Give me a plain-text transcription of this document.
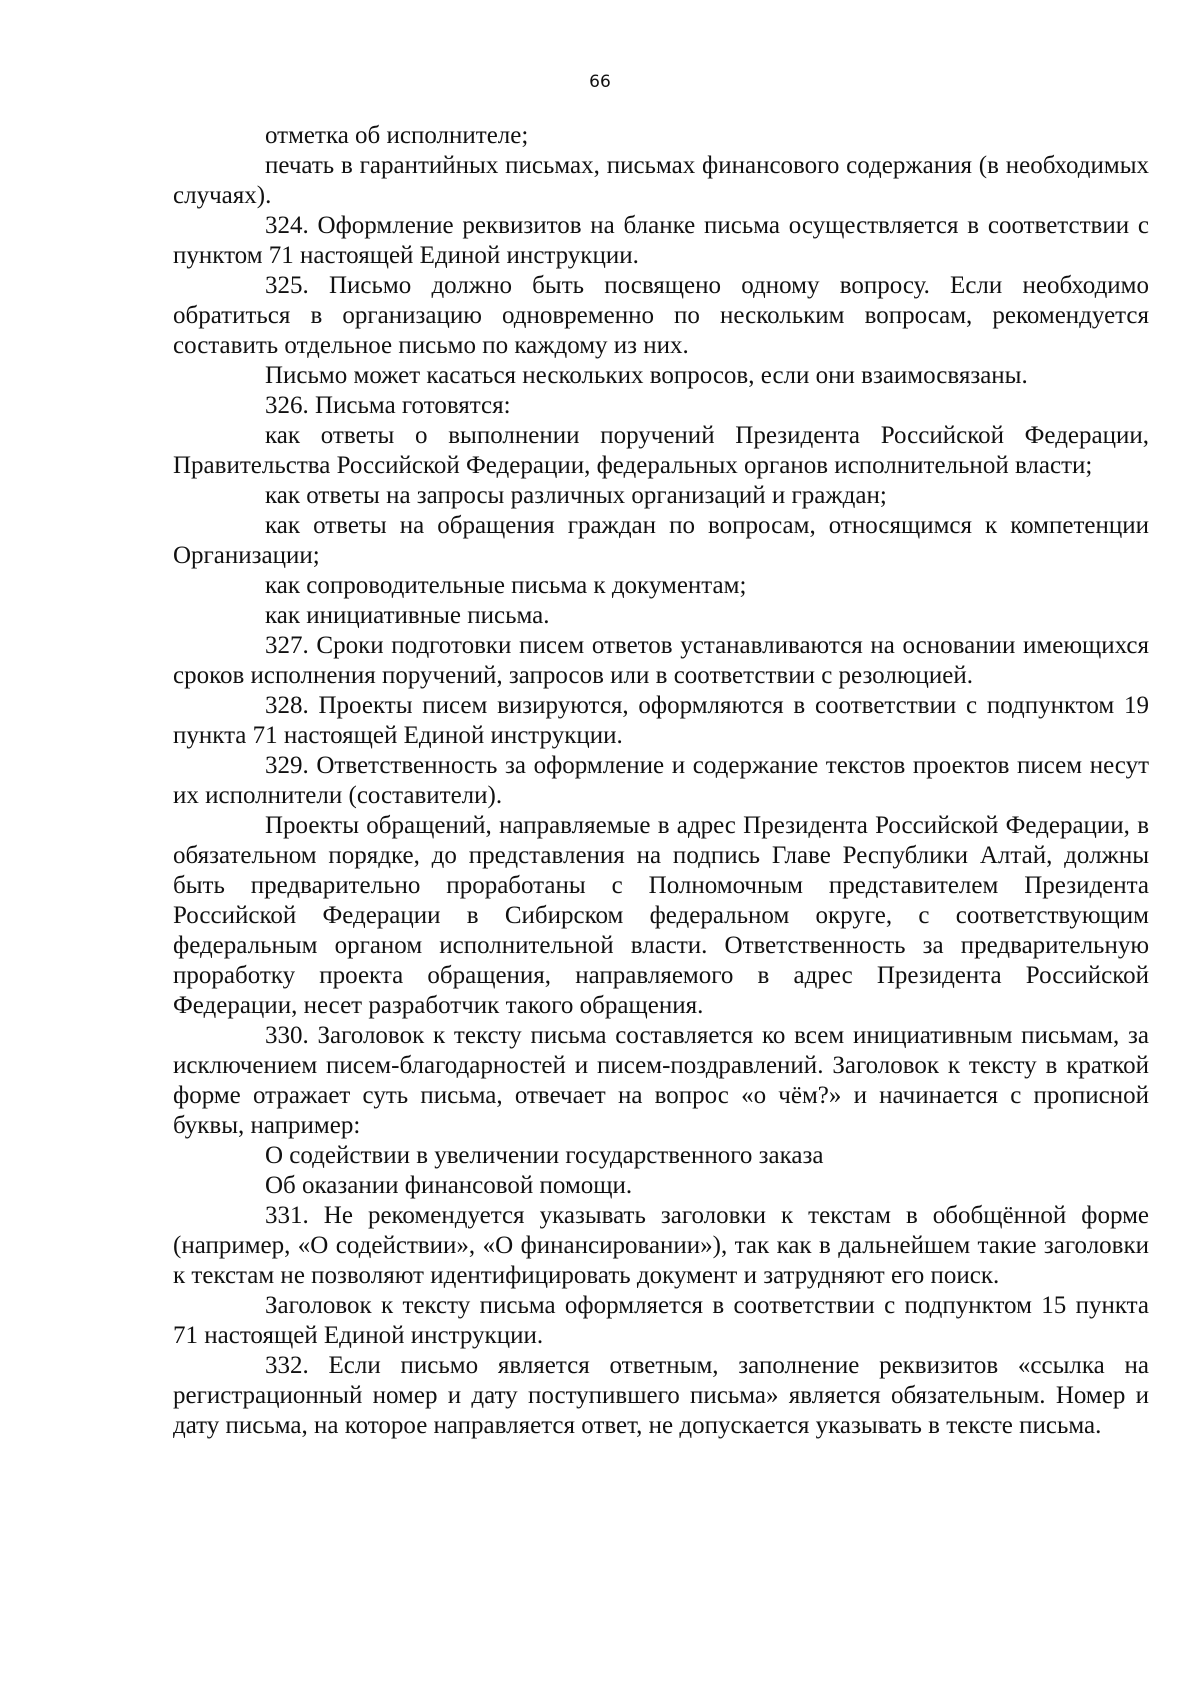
66

отметка об исполнителе;

печать в гарантийных письмах, письмах финансового содержания (в необходимых случаях).

324. Оформление реквизитов на бланке письма осуществляется в соответствии с пунктом 71 настоящей Единой инструкции.

325. Письмо должно быть посвящено одному вопросу. Если необходимо обратиться в организацию одновременно по нескольким вопросам, рекомендуется составить отдельное письмо по каждому из них.

Письмо может касаться нескольких вопросов, если они взаимосвязаны.

326. Письма готовятся:

как ответы о выполнении поручений Президента Российской Федерации, Правительства Российской Федерации, федеральных органов исполнительной власти;

как ответы на запросы различных организаций и граждан;

как ответы на обращения граждан по вопросам, относящимся к компетенции Организации;

как сопроводительные письма к документам;

как инициативные письма.

327. Сроки подготовки писем ответов устанавливаются на основании имеющихся сроков исполнения поручений, запросов или в соответствии с резолюцией.

328. Проекты писем визируются, оформляются в соответствии с подпунктом 19 пункта 71 настоящей Единой инструкции.

329. Ответственность за оформление и содержание текстов проектов писем несут их исполнители (составители).

Проекты обращений, направляемые в адрес Президента Российской Федерации, в обязательном порядке, до представления на подпись Главе Республики Алтай, должны быть предварительно проработаны с Полномочным представителем Президента Российской Федерации в Сибирском федеральном округе, с соответствующим федеральным органом исполнительной власти. Ответственность за предварительную проработку проекта обращения, направляемого в адрес Президента Российской Федерации, несет разработчик такого обращения.

330. Заголовок к тексту письма составляется ко всем инициативным письмам, за исключением писем-благодарностей и писем-поздравлений. Заголовок к тексту в краткой форме отражает суть письма, отвечает на вопрос «о чём?» и начинается с прописной буквы, например:

О содействии в увеличении государственного заказа

Об оказании финансовой помощи.

331. Не рекомендуется указывать заголовки к текстам в обобщённой форме (например, «О содействии», «О финансировании»), так как в дальнейшем такие заголовки к текстам не позволяют идентифицировать документ и затрудняют его поиск.

Заголовок к тексту письма оформляется в соответствии с подпунктом 15 пункта 71 настоящей Единой инструкции.

332. Если письмо является ответным, заполнение реквизитов «ссылка на регистрационный номер и дату поступившего письма» является обязательным. Номер и дату письма, на которое направляется ответ, не допускается указывать в тексте письма.
